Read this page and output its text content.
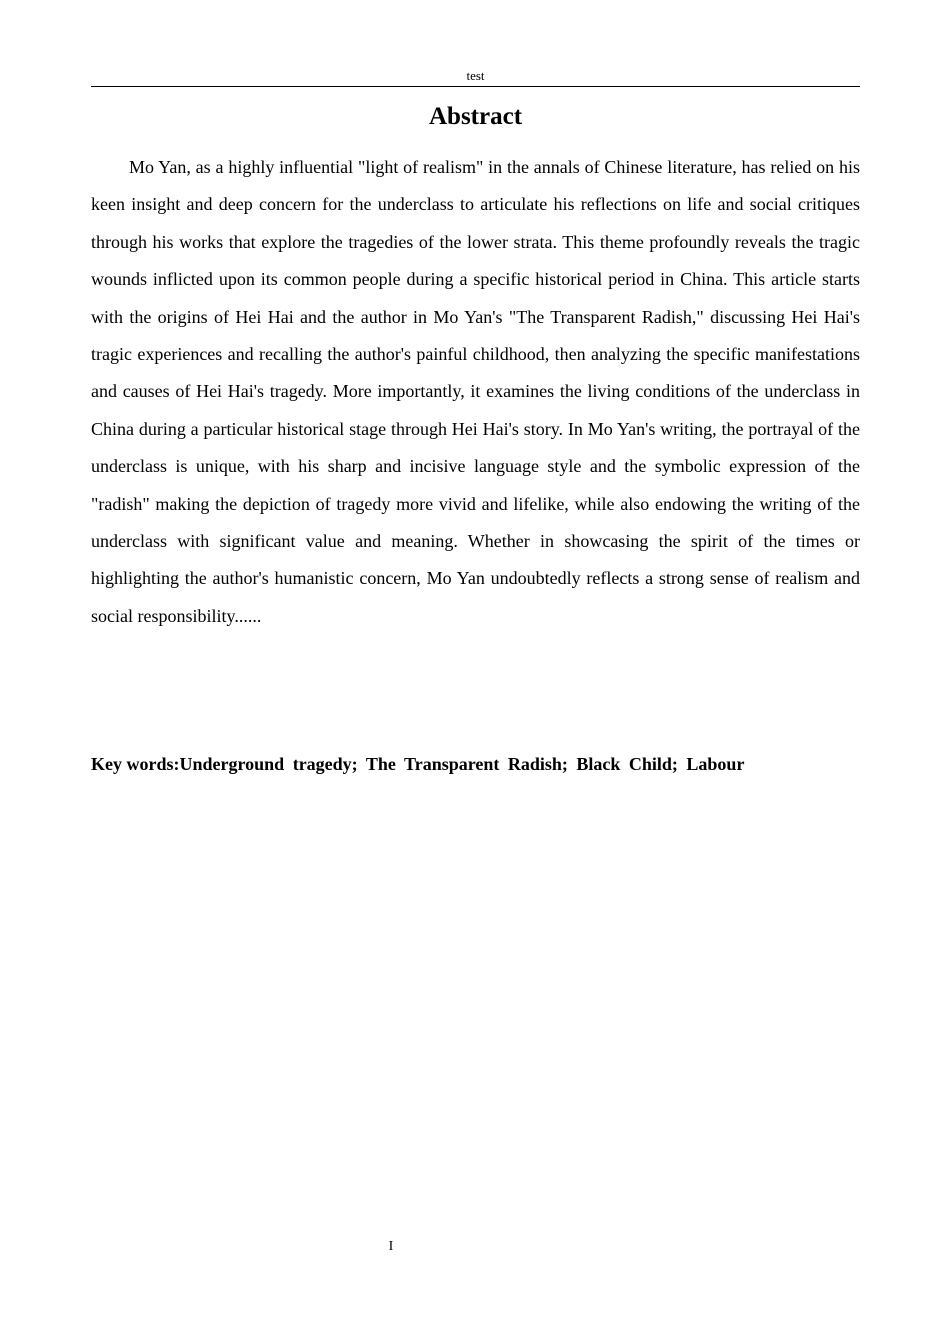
test
Abstract

Mo Yan, as a highly influential "light of realism" in the annals of Chinese literature, has relied on his keen insight and deep concern for the underclass to articulate his reflections on life and social critiques through his works that explore the tragedies of the lower strata. This theme profoundly reveals the tragic wounds inflicted upon its common people during a specific historical period in China. This article starts with the origins of Hei Hai and the author in Mo Yan's "The Transparent Radish," discussing Hei Hai's tragic experiences and recalling the author's painful childhood, then analyzing the specific manifestations and causes of Hei Hai's tragedy. More importantly, it examines the living conditions of the underclass in China during a particular historical stage through Hei Hai's story. In Mo Yan's writing, the portrayal of the underclass is unique, with his sharp and incisive language style and the symbolic expression of the "radish" making the depiction of tragedy more vivid and lifelike, while also endowing the writing of the underclass with significant value and meaning. Whether in showcasing the spirit of the times or highlighting the author's humanistic concern, Mo Yan undoubtedly reflects a strong sense of realism and social responsibility......

Key words:Underground tragedy; The Transparent Radish; Black Child; Labour

I
